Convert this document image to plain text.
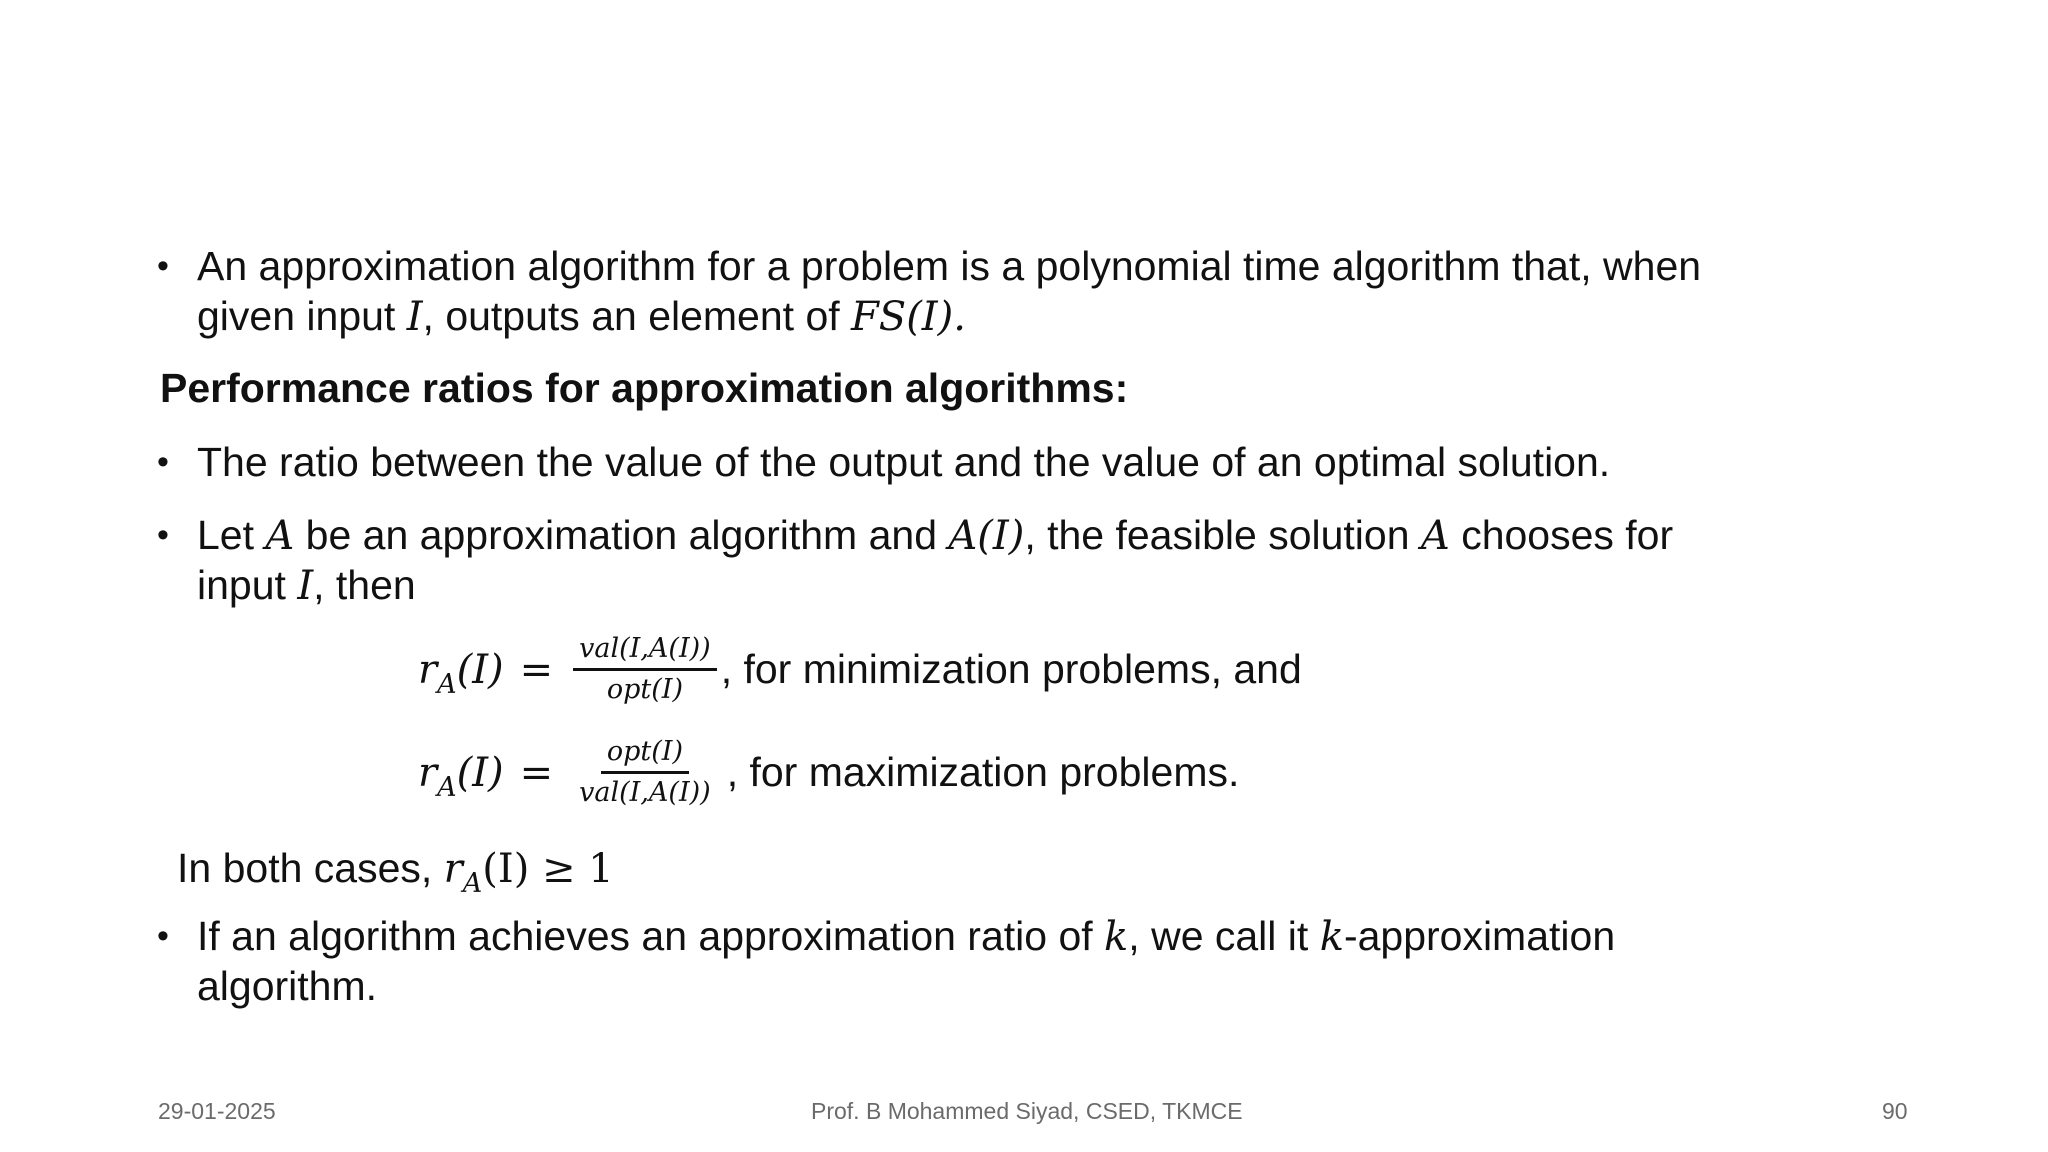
• An approximation algorithm for a problem is a polynomial time algorithm that, when
given input I, outputs an element of FS(I).
Performance ratios for approximation algorithms:
• The ratio between the value of the output and the value of an optimal solution.
• Let A be an approximation algorithm and A(I), the feasible solution A chooses for
input I, then
$r_A(I) = \frac{\text{val(I,A(I))}}{\text{opt(I)}}$ , for minimization problems, and
$r_A(I) = \frac{\text{opt(I)}}{\text{val(I,A(I))}}$ , for maximization problems.
In both cases, $r_A(I) \ge 1$
• If an algorithm achieves an approximation ratio of k, we call it k-approximation
algorithm.
29-01-2025	Prof. B Mohammed Siyad, CSED, TKMCE	90
